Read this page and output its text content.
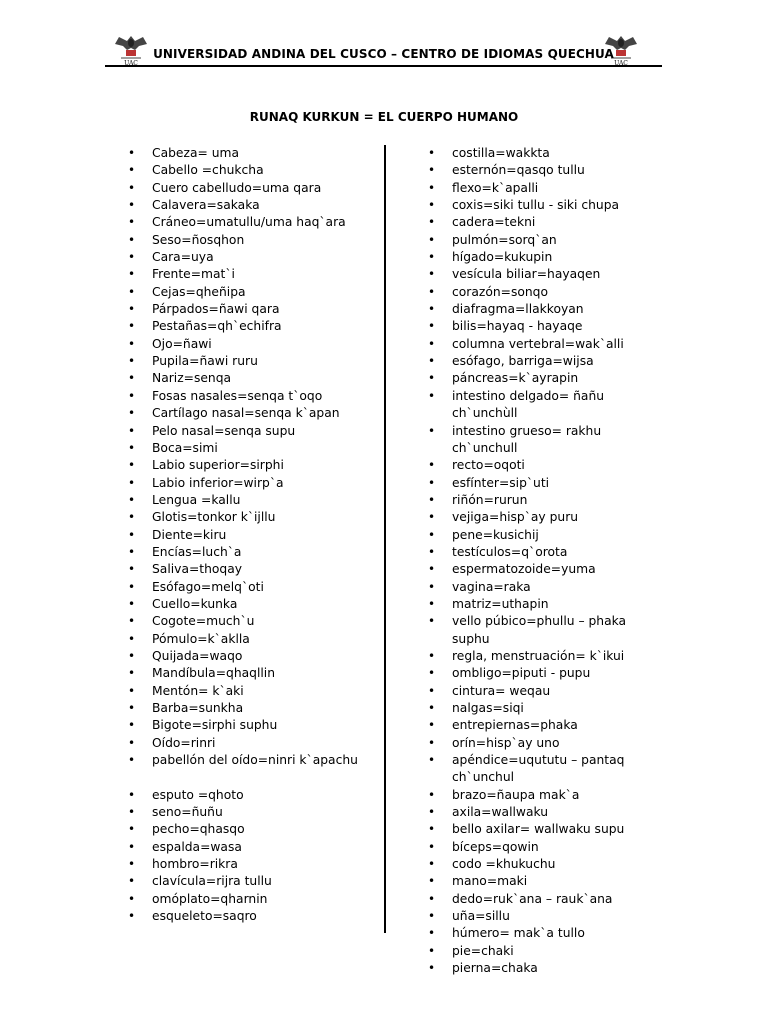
UAC
UNIVERSIDAD ANDINA DEL CUSCO – CENTRO DE IDIOMAS QUECHUA
UAC
RUNAQ KURKUN = EL CUERPO HUMANO
• Cabeza= uma
• Cabello =chukcha
• Cuero cabelludo=uma qara
• Calavera=sakaka
• Cráneo=umatullu/uma haq`ara
• Seso=ñosqhon
• Cara=uya
• Frente=mat`i
• Cejas=qheñipa
• Párpados=ñawi qara
• Pestañas=qh`echifra
• Ojo=ñawi
• Pupila=ñawi ruru
• Nariz=senqa
• Fosas nasales=senqa t`oqo
• Cartílago nasal=senqa k`apan
• Pelo nasal=senqa supu
• Boca=simi
• Labio superior=sirphi
• Labio inferior=wirp`a
• Lengua =kallu
• Glotis=tonkor k`ijllu
• Diente=kiru
• Encías=luch`a
• Saliva=thoqay
• Esófago=melq`oti
• Cuello=kunka
• Cogote=much`u
• Pómulo=k`aklla
• Quijada=waqo
• Mandíbula=qhaqllin
• Mentón= k`aki
• Barba=sunkha
• Bigote=sirphi suphu
• Oído=rinri
• pabellón del oído=ninri k`apachu
• esputo =qhoto
• seno=ñuñu
• pecho=qhasqo
• espalda=wasa
• hombro=rikra
• clavícula=rijra tullu
• omóplato=qharnin
• esqueleto=saqro
• costilla=wakkta
• esternón=qasqo tullu
• flexo=k`apalli
• coxis=siki tullu - siki chupa
• cadera=tekni
• pulmón=sorq`an
• hígado=kukupin
• vesícula biliar=hayaqen
• corazón=sonqo
• diafragma=llakkoyan
• bilis=hayaq - hayaqe
• columna vertebral=wak`alli
• esófago, barriga=wijsa
• páncreas=k`ayrapin
• intestino delgado= ñañu ch`unchùll
• intestino grueso= rakhu ch`unchull
• recto=oqoti
• esfínter=sip`uti
• riñón=rurun
• vejiga=hisp`ay puru
• pene=kusichij
• testículos=q`orota
• espermatozoide=yuma
• vagina=raka
• matriz=uthapin
• vello púbico=phullu – phaka suphu
• regla, menstruación= k`ikui
• ombligo=piputi - pupu
• cintura= weqau
• nalgas=siqi
• entrepiernas=phaka
• orín=hisp`ay uno
• apéndice=uqututu – pantaq ch`unchul
• brazo=ñaupa mak`a
• axila=wallwaku
• bello axilar= wallwaku supu
• bíceps=qowin
• codo =khukuchu
• mano=maki
• dedo=ruk`ana – rauk`ana
• uña=sillu
• húmero= mak`a tullo
• pie=chaki
• pierna=chaka
